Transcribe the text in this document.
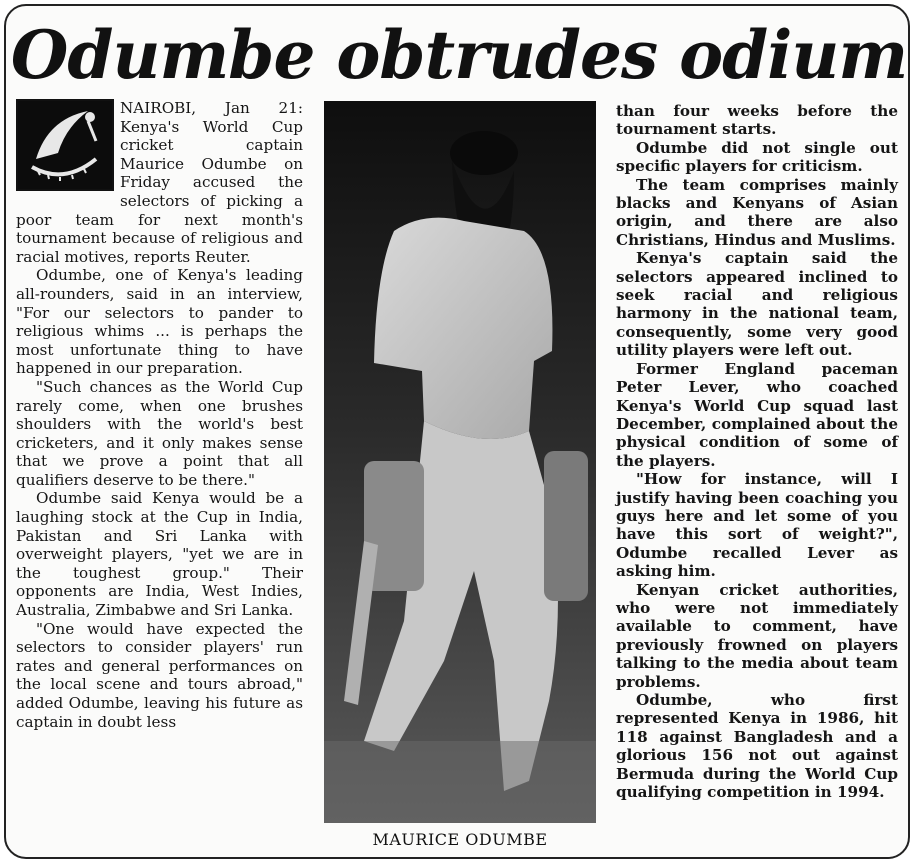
Odumbe obtrudes odium

NAIROBI, Jan 21: Kenya's World Cup cricket captain Maurice Odumbe on Friday accused the selectors of picking a poor team for next month's tournament because of religious and racial motives, reports Reuter.

Odumbe, one of Kenya's leading all-rounders, said in an interview, "For our selectors to pander to religious whims ... is perhaps the most unfortunate thing to have happened in our preparation.

"Such chances as the World Cup rarely come, when one brushes shoulders with the world's best cricketers, and it only makes sense that we prove a point that all qualifiers deserve to be there."

Odumbe said Kenya would be a laughing stock at the Cup in India, Pakistan and Sri Lanka with overweight players, "yet we are in the toughest group." Their opponents are India, West Indies, Australia, Zimbabwe and Sri Lanka.

"One would have expected the selectors to consider players' run rates and general performances on the local scene and tours abroad," added Odumbe, leaving his future as captain in doubt less

MAURICE ODUMBE

than four weeks before the tournament starts.

Odumbe did not single out specific players for criticism.

The team comprises mainly blacks and Kenyans of Asian origin, and there are also Christians, Hindus and Muslims.

Kenya's captain said the selectors appeared inclined to seek racial and religious harmony in the national team, consequently, some very good utility players were left out.

Former England paceman Peter Lever, who coached Kenya's World Cup squad last December, complained about the physical condition of some of the players.

"How for instance, will I justify having been coaching you guys here and let some of you have this sort of weight?", Odumbe recalled Lever as asking him.

Kenyan cricket authorities, who were not immediately available to comment, have previously frowned on players talking to the media about team problems.

Odumbe, who first represented Kenya in 1986, hit 118 against Bangladesh and a glorious 156 not out against Bermuda during the World Cup qualifying competition in 1994.
